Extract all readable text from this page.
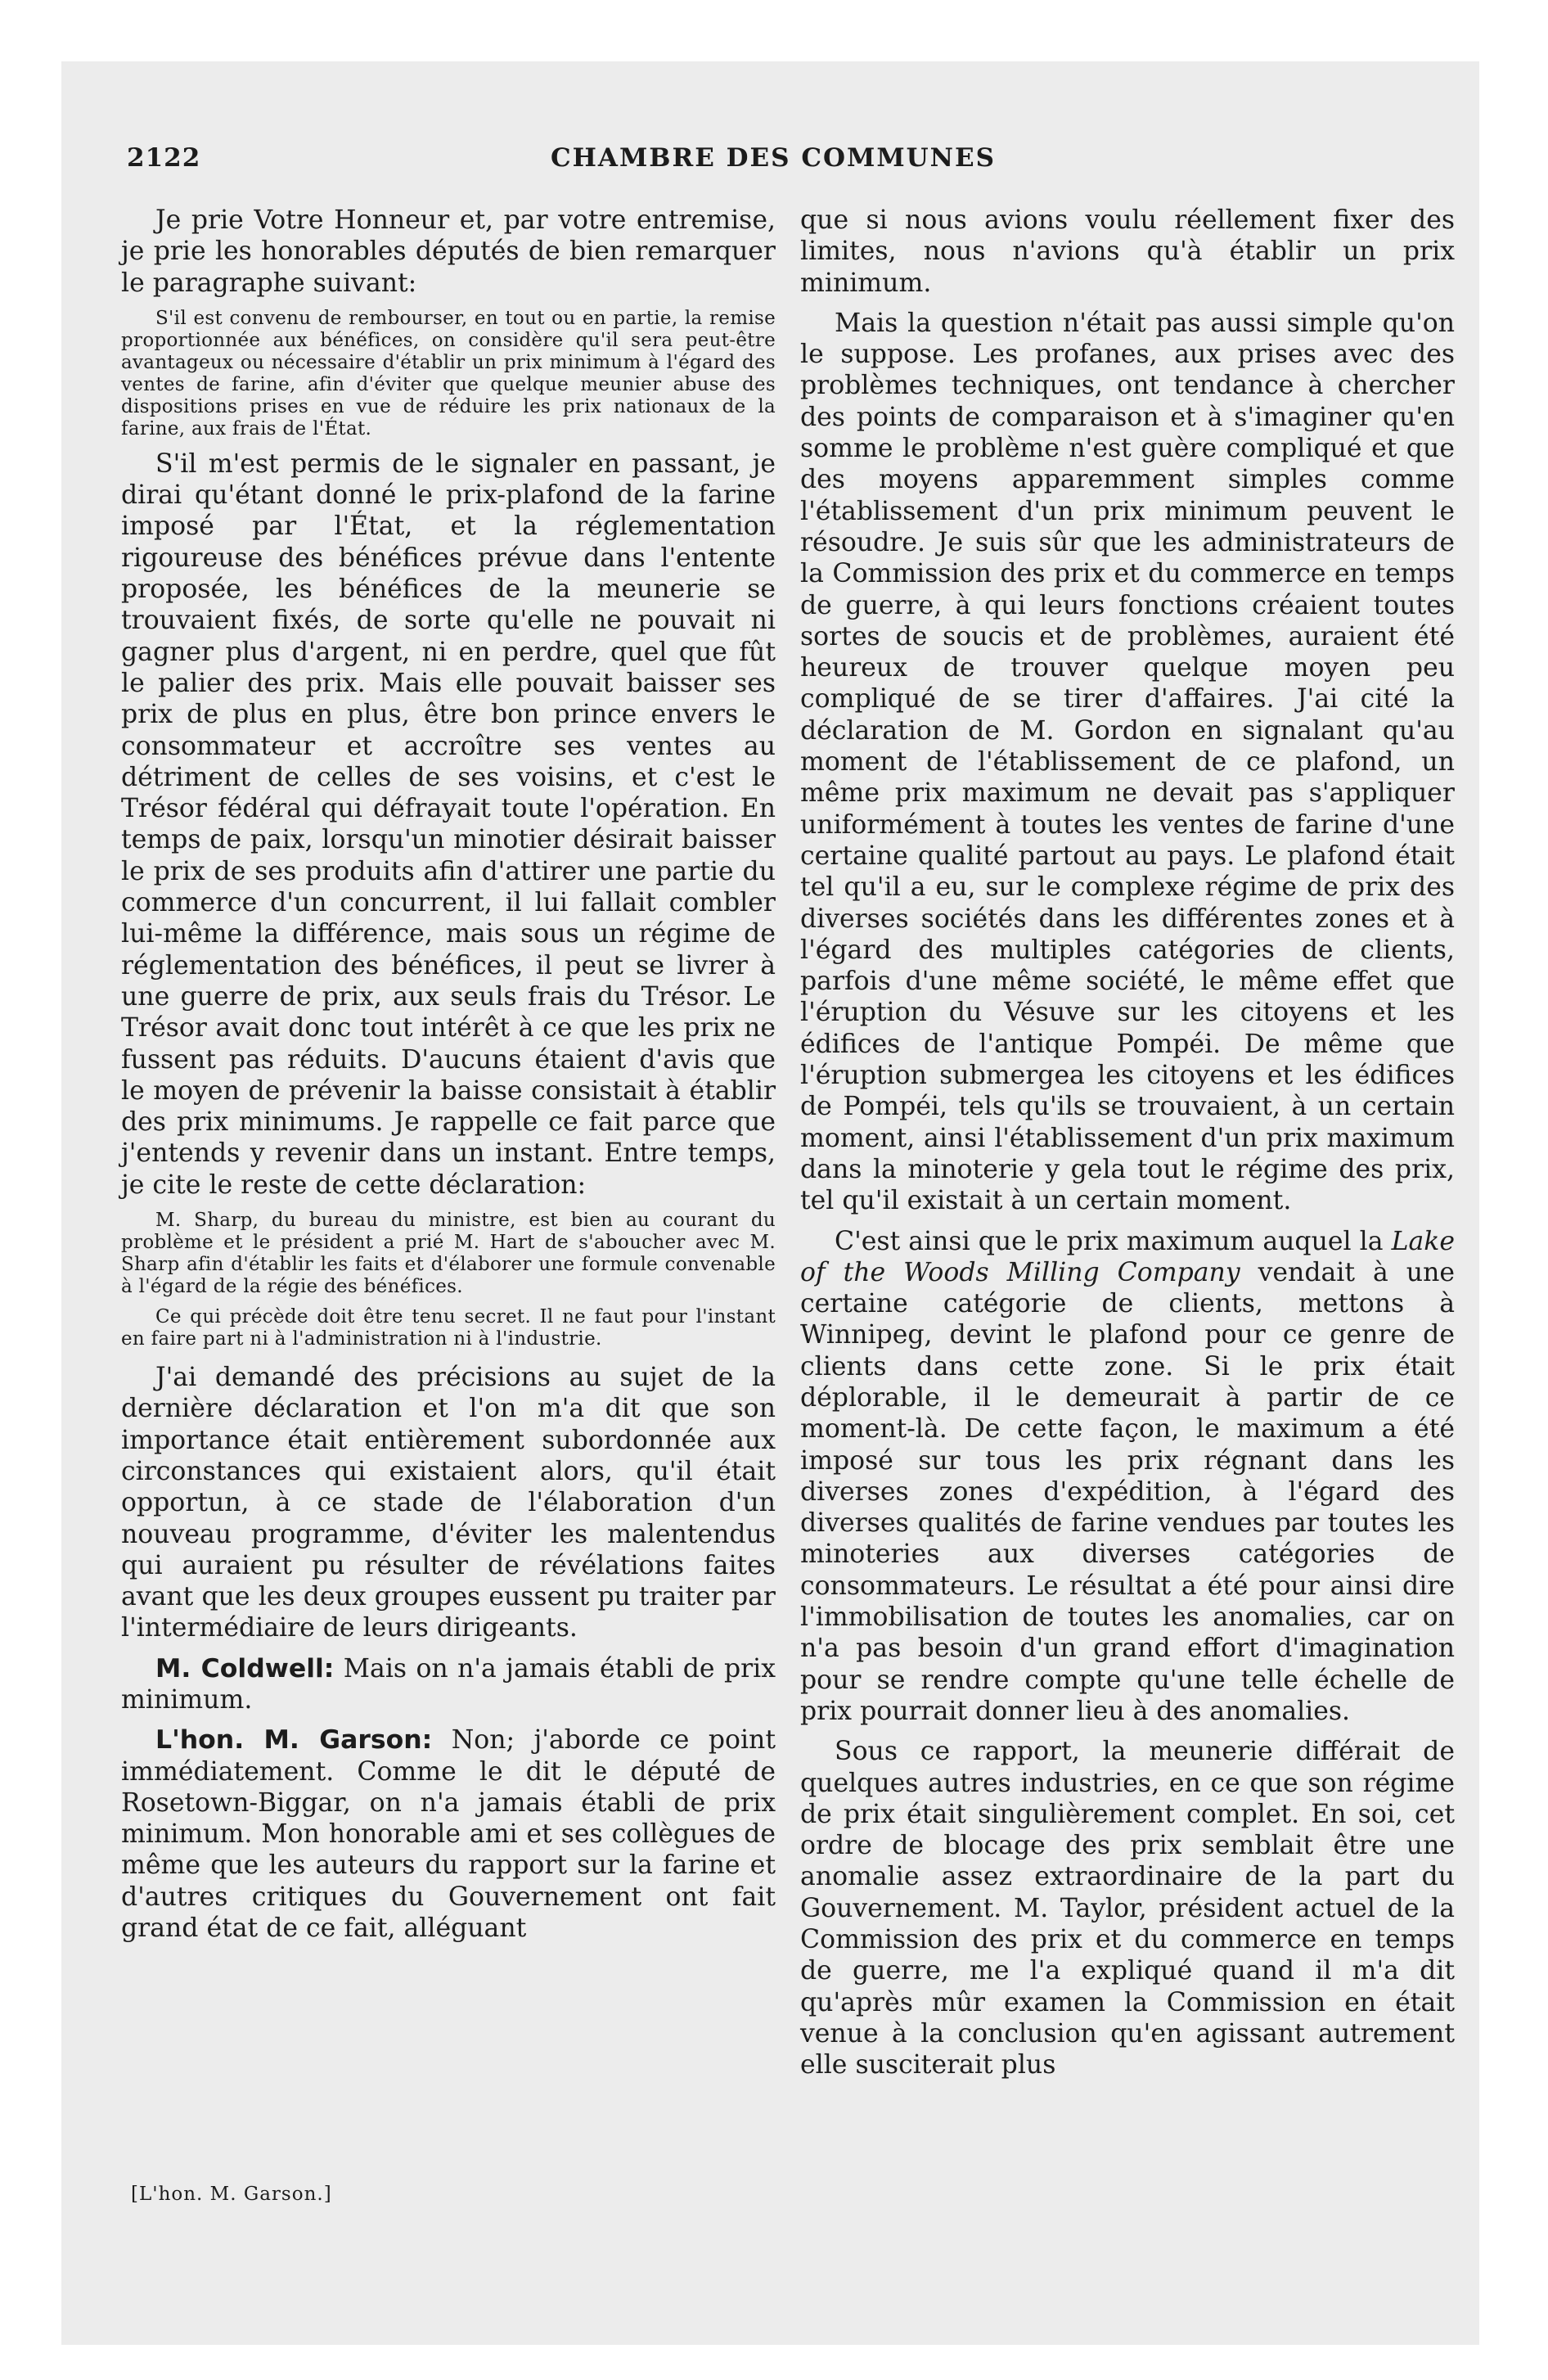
2122	CHAMBRE DES COMMUNES

Je prie Votre Honneur et, par votre entremise, je prie les honorables députés de bien remarquer le paragraphe suivant:

S'il est convenu de rembourser, en tout ou en partie, la remise proportionnée aux bénéfices, on considère qu'il sera peut-être avantageux ou nécessaire d'établir un prix minimum à l'égard des ventes de farine, afin d'éviter que quelque meunier abuse des dispositions prises en vue de réduire les prix nationaux de la farine, aux frais de l'État.

S'il m'est permis de le signaler en passant, je dirai qu'étant donné le prix-plafond de la farine imposé par l'État, et la réglementation rigoureuse des bénéfices prévue dans l'entente proposée, les bénéfices de la meunerie se trouvaient fixés, de sorte qu'elle ne pouvait ni gagner plus d'argent, ni en perdre, quel que fût le palier des prix. Mais elle pouvait baisser ses prix de plus en plus, être bon prince envers le consommateur et accroître ses ventes au détriment de celles de ses voisins, et c'est le Trésor fédéral qui défrayait toute l'opération. En temps de paix, lorsqu'un minotier désirait baisser le prix de ses produits afin d'attirer une partie du commerce d'un concurrent, il lui fallait combler lui-même la différence, mais sous un régime de réglementation des bénéfices, il peut se livrer à une guerre de prix, aux seuls frais du Trésor. Le Trésor avait donc tout intérêt à ce que les prix ne fussent pas réduits. D'aucuns étaient d'avis que le moyen de prévenir la baisse consistait à établir des prix minimums. Je rappelle ce fait parce que j'entends y revenir dans un instant. Entre temps, je cite le reste de cette déclaration:

M. Sharp, du bureau du ministre, est bien au courant du problème et le président a prié M. Hart de s'aboucher avec M. Sharp afin d'établir les faits et d'élaborer une formule convenable à l'égard de la régie des bénéfices.

Ce qui précède doit être tenu secret. Il ne faut pour l'instant en faire part ni à l'administration ni à l'industrie.

J'ai demandé des précisions au sujet de la dernière déclaration et l'on m'a dit que son importance était entièrement subordonnée aux circonstances qui existaient alors, qu'il était opportun, à ce stade de l'élaboration d'un nouveau programme, d'éviter les malentendus qui auraient pu résulter de révélations faites avant que les deux groupes eussent pu traiter par l'intermédiaire de leurs dirigeants.

M. Coldwell: Mais on n'a jamais établi de prix minimum.

L'hon. M. Garson: Non; j'aborde ce point immédiatement. Comme le dit le député de Rosetown-Biggar, on n'a jamais établi de prix minimum. Mon honorable ami et ses collègues de même que les auteurs du rapport sur la farine et d'autres critiques du Gouvernement ont fait grand état de ce fait, alléguant

que si nous avions voulu réellement fixer des limites, nous n'avions qu'à établir un prix minimum.

Mais la question n'était pas aussi simple qu'on le suppose. Les profanes, aux prises avec des problèmes techniques, ont tendance à chercher des points de comparaison et à s'imaginer qu'en somme le problème n'est guère compliqué et que des moyens apparemment simples comme l'établissement d'un prix minimum peuvent le résoudre. Je suis sûr que les administrateurs de la Commission des prix et du commerce en temps de guerre, à qui leurs fonctions créaient toutes sortes de soucis et de problèmes, auraient été heureux de trouver quelque moyen peu compliqué de se tirer d'affaires. J'ai cité la déclaration de M. Gordon en signalant qu'au moment de l'établissement de ce plafond, un même prix maximum ne devait pas s'appliquer uniformément à toutes les ventes de farine d'une certaine qualité partout au pays. Le plafond était tel qu'il a eu, sur le complexe régime de prix des diverses sociétés dans les différentes zones et à l'égard des multiples catégories de clients, parfois d'une même société, le même effet que l'éruption du Vésuve sur les citoyens et les édifices de l'antique Pompéi. De même que l'éruption submergea les citoyens et les édifices de Pompéi, tels qu'ils se trouvaient, à un certain moment, ainsi l'établissement d'un prix maximum dans la minoterie y gela tout le régime des prix, tel qu'il existait à un certain moment.

C'est ainsi que le prix maximum auquel la Lake of the Woods Milling Company vendait à une certaine catégorie de clients, mettons à Winnipeg, devint le plafond pour ce genre de clients dans cette zone. Si le prix était déplorable, il le demeurait à partir de ce moment-là. De cette façon, le maximum a été imposé sur tous les prix régnant dans les diverses zones d'expédition, à l'égard des diverses qualités de farine vendues par toutes les minoteries aux diverses catégories de consommateurs. Le résultat a été pour ainsi dire l'immobilisation de toutes les anomalies, car on n'a pas besoin d'un grand effort d'imagination pour se rendre compte qu'une telle échelle de prix pourrait donner lieu à des anomalies.

Sous ce rapport, la meunerie différait de quelques autres industries, en ce que son régime de prix était singulièrement complet. En soi, cet ordre de blocage des prix semblait être une anomalie assez extraordinaire de la part du Gouvernement. M. Taylor, président actuel de la Commission des prix et du commerce en temps de guerre, me l'a expliqué quand il m'a dit qu'après mûr examen la Commission en était venue à la conclusion qu'en agissant autrement elle susciterait plus

[L'hon. M. Garson.]
